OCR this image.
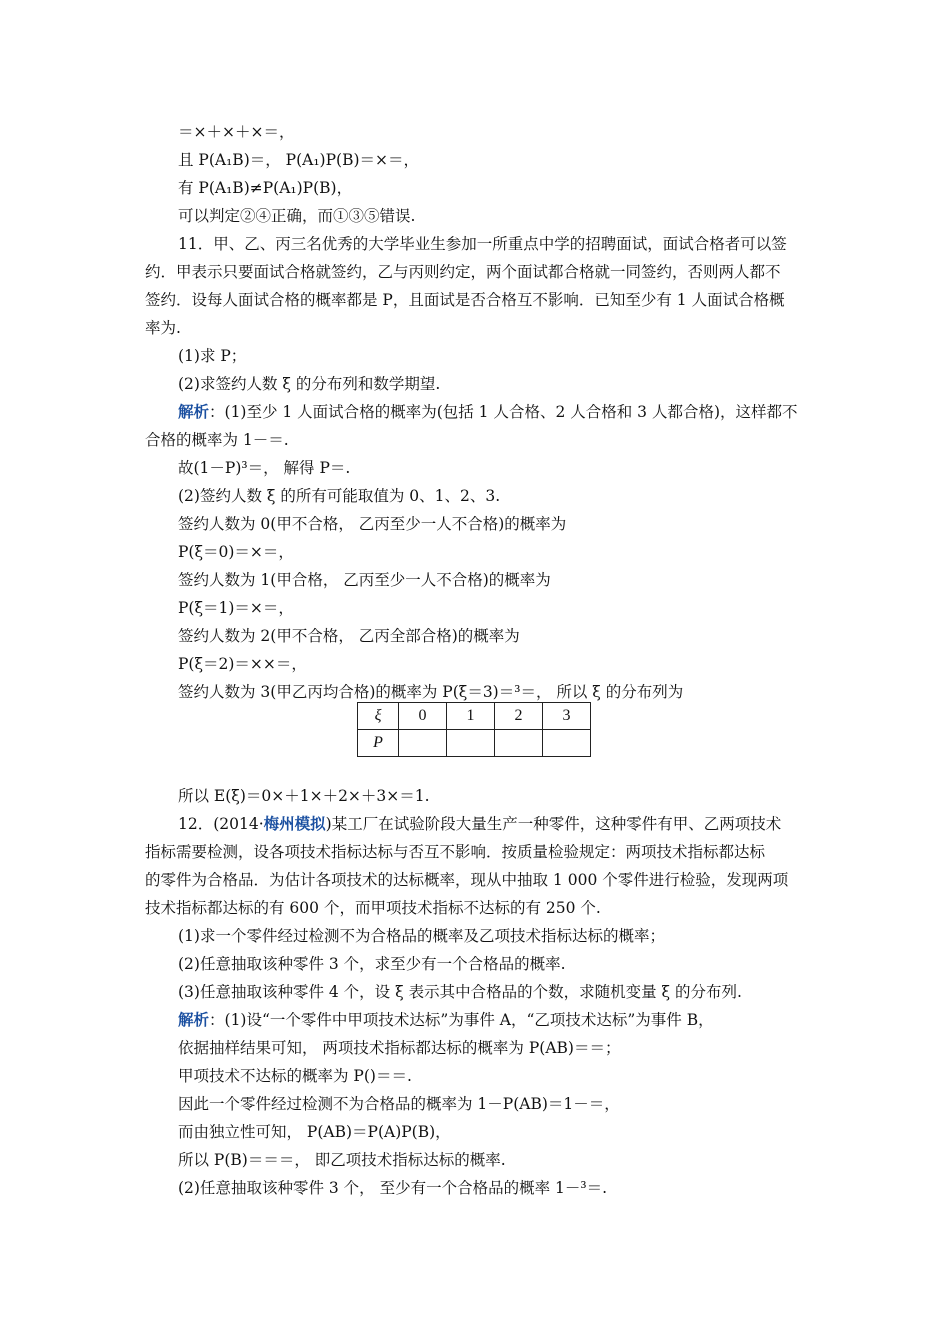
＝×＋×＋×＝，
且 P(A₁B)＝， P(A₁)P(B)＝×＝，
有 P(A₁B)≠P(A₁)P(B)，
可以判定②④正确，而①③⑤错误.
11．甲、乙、丙三名优秀的大学毕业生参加一所重点中学的招聘面试，面试合格者可以签
约．甲表示只要面试合格就签约，乙与丙则约定，两个面试都合格就一同签约，否则两人都不
签约．设每人面试合格的概率都是 P，且面试是否合格互不影响．已知至少有 1 人面试合格概
率为.
(1)求 P；
(2)求签约人数 ξ 的分布列和数学期望.
解析：(1)至少 1 人面试合格的概率为(包括 1 人合格、2 人合格和 3 人都合格)，这样都不
合格的概率为 1－＝.
故(1－P)³＝， 解得 P＝.
(2)签约人数 ξ 的所有可能取值为 0、1、2、3.
签约人数为 0(甲不合格， 乙丙至少一人不合格)的概率为
P(ξ＝0)＝×＝，
签约人数为 1(甲合格， 乙丙至少一人不合格)的概率为
P(ξ＝1)＝×＝，
签约人数为 2(甲不合格， 乙丙全部合格)的概率为
P(ξ＝2)＝××＝，
签约人数为 3(甲乙丙均合格)的概率为 P(ξ＝3)＝³＝， 所以 ξ 的分布列为
ξ	0	1	2	3
P				
所以 E(ξ)＝0×＋1×＋2×＋3×＝1.
12．(2014·梅州模拟)某工厂在试验阶段大量生产一种零件，这种零件有甲、乙两项技术
指标需要检测，设各项技术指标达标与否互不影响．按质量检验规定：两项技术指标都达标
的零件为合格品．为估计各项技术的达标概率，现从中抽取 1 000 个零件进行检验，发现两项
技术指标都达标的有 600 个，而甲项技术指标不达标的有 250 个.
(1)求一个零件经过检测不为合格品的概率及乙项技术指标达标的概率；
(2)任意抽取该种零件 3 个，求至少有一个合格品的概率.
(3)任意抽取该种零件 4 个，设 ξ 表示其中合格品的个数，求随机变量 ξ 的分布列.
解析：(1)设“一个零件中甲项技术达标”为事件 A，“乙项技术达标”为事件 B，
依据抽样结果可知， 两项技术指标都达标的概率为 P(AB)＝＝；
甲项技术不达标的概率为 P()＝＝.
因此一个零件经过检测不为合格品的概率为 1－P(AB)＝1－＝，
而由独立性可知， P(AB)＝P(A)P(B)，
所以 P(B)＝＝＝， 即乙项技术指标达标的概率.
(2)任意抽取该种零件 3 个， 至少有一个合格品的概率 1－³＝.
